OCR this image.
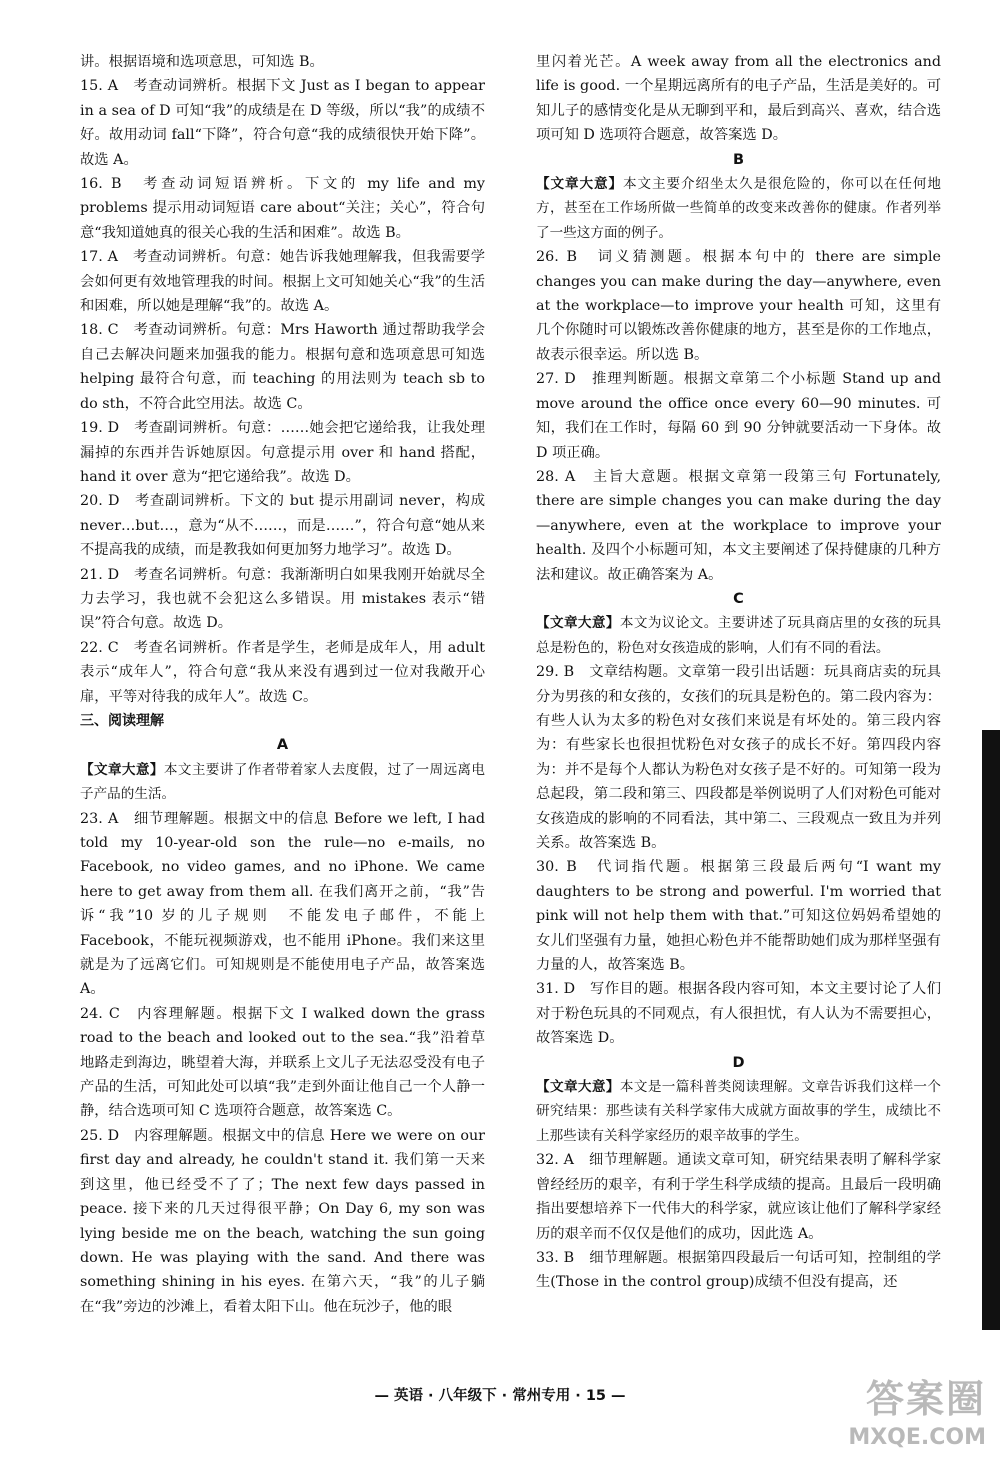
讲。根据语境和选项意思，可知选 B。

15. A　考查动词辨析。根据下文 Just as I began to appear in a sea of D 可知“我”的成绩是在 D 等级，所以“我”的成绩不好。故用动词 fall“下降”，符合句意“我的成绩很快开始下降”。故选 A。

16. B　考查动词短语辨析。下文的 my life and my problems 提示用动词短语 care about“关注；关心”，符合句意“我知道她真的很关心我的生活和困难”。故选 B。

17. A　考查动词辨析。句意：她告诉我她理解我，但我需要学会如何更有效地管理我的时间。根据上文可知她关心“我”的生活和困难，所以她是理解“我”的。故选 A。

18. C　考查动词辨析。句意：Mrs Haworth 通过帮助我学会自己去解决问题来加强我的能力。根据句意和选项意思可知选 helping 最符合句意，而 teaching 的用法则为 teach sb to do sth，不符合此空用法。故选 C。

19. D　考查副词辨析。句意：……她会把它递给我，让我处理漏掉的东西并告诉她原因。句意提示用 over 和 hand 搭配，hand it over 意为“把它递给我”。故选 D。

20. D　考查副词辨析。下文的 but 提示用副词 never，构成 never…but…，意为“从不……，而是……”，符合句意“她从来不提高我的成绩，而是教我如何更加努力地学习”。故选 D。

21. D　考查名词辨析。句意：我渐渐明白如果我刚开始就尽全力去学习，我也就不会犯这么多错误。用 mistakes 表示“错误”符合句意。故选 D。

22. C　考查名词辨析。作者是学生，老师是成年人，用 adult 表示“成年人”，符合句意“我从来没有遇到过一位对我敞开心扉，平等对待我的成年人”。故选 C。

三、阅读理解
A

【文章大意】本文主要讲了作者带着家人去度假，过了一周远离电子产品的生活。

23. A　细节理解题。根据文中的信息 Before we left, I had told my 10-year-old son the rule—no e-mails, no Facebook, no video games, and no iPhone. We came here to get away from them all. 在我们离开之前，“我”告诉“我”10 岁的儿子规则　不能发电子邮件，不能上 Facebook，不能玩视频游戏，也不能用 iPhone。我们来这里就是为了远离它们。可知规则是不能使用电子产品，故答案选 A。

24. C　内容理解题。根据下文 I walked down the grass road to the beach and looked out to the sea.“我”沿着草地路走到海边，眺望着大海，并联系上文儿子无法忍受没有电子产品的生活，可知此处可以填“我”走到外面让他自己一个人静一静，结合选项可知 C 选项符合题意，故答案选 C。

25. D　内容理解题。根据文中的信息 Here we were on our first day and already, he couldn't stand it. 我们第一天来到这里，他已经受不了了；The next few days passed in peace. 接下来的几天过得很平静；On Day 6, my son was lying beside me on the beach, watching the sun going down. He was playing with the sand. And there was something shining in his eyes. 在第六天，“我”的儿子躺在“我”旁边的沙滩上，看着太阳下山。他在玩沙子，他的眼

里闪着光芒。A week away from all the electronics and life is good. 一个星期远离所有的电子产品，生活是美好的。可知儿子的感情变化是从无聊到平和，最后到高兴、喜欢，结合选项可知 D 选项符合题意，故答案选 D。

B

【文章大意】本文主要介绍坐太久是很危险的，你可以在任何地方，甚至在工作场所做一些简单的改变来改善你的健康。作者列举了一些这方面的例子。

26. B　词义猜测题。根据本句中的 there are simple changes you can make during the day—anywhere, even at the workplace—to improve your health 可知，这里有几个你随时可以锻炼改善你健康的地方，甚至是你的工作地点，故表示很幸运。所以选 B。

27. D　推理判断题。根据文章第二个小标题 Stand up and move around the office once every 60—90 minutes. 可知，我们在工作时，每隔 60 到 90 分钟就要活动一下身体。故 D 项正确。

28. A　主旨大意题。根据文章第一段第三句 Fortunately, there are simple changes you can make during the day—anywhere, even at the workplace to improve your health. 及四个小标题可知，本文主要阐述了保持健康的几种方法和建议。故正确答案为 A。

C

【文章大意】本文为议论文。主要讲述了玩具商店里的女孩的玩具总是粉色的，粉色对女孩造成的影响，人们有不同的看法。

29. B　文章结构题。文章第一段引出话题：玩具商店卖的玩具分为男孩的和女孩的，女孩们的玩具是粉色的。第二段内容为：有些人认为太多的粉色对女孩们来说是有坏处的。第三段内容为：有些家长也很担忧粉色对女孩子的成长不好。第四段内容为：并不是每个人都认为粉色对女孩子是不好的。可知第一段为总起段，第二段和第三、四段都是举例说明了人们对粉色可能对女孩造成的影响的不同看法，其中第二、三段观点一致且为并列关系。故答案选 B。

30. B　代词指代题。根据第三段最后两句“I want my daughters to be strong and powerful. I'm worried that pink will not help them with that.”可知这位妈妈希望她的女儿们坚强有力量，她担心粉色并不能帮助她们成为那样坚强有力量的人，故答案选 B。

31. D　写作目的题。根据各段内容可知，本文主要讨论了人们对于粉色玩具的不同观点，有人很担忧，有人认为不需要担心，故答案选 D。

D

【文章大意】本文是一篇科普类阅读理解。文章告诉我们这样一个研究结果：那些读有关科学家伟大成就方面故事的学生，成绩比不上那些读有关科学家经历的艰辛故事的学生。

32. A　细节理解题。通读文章可知，研究结果表明了解科学家曾经经历的艰辛，有利于学生科学成绩的提高。且最后一段明确指出要想培养下一代伟大的科学家，就应该让他们了解科学家经历的艰辛而不仅仅是他们的成功，因此选 A。

33. B　细节理解题。根据第四段最后一句话可知，控制组的学生(Those in the control group)成绩不但没有提高，还

— 英语 · 八年级下 · 常州专用 · 15 —	答案圈
MXQE.COM
